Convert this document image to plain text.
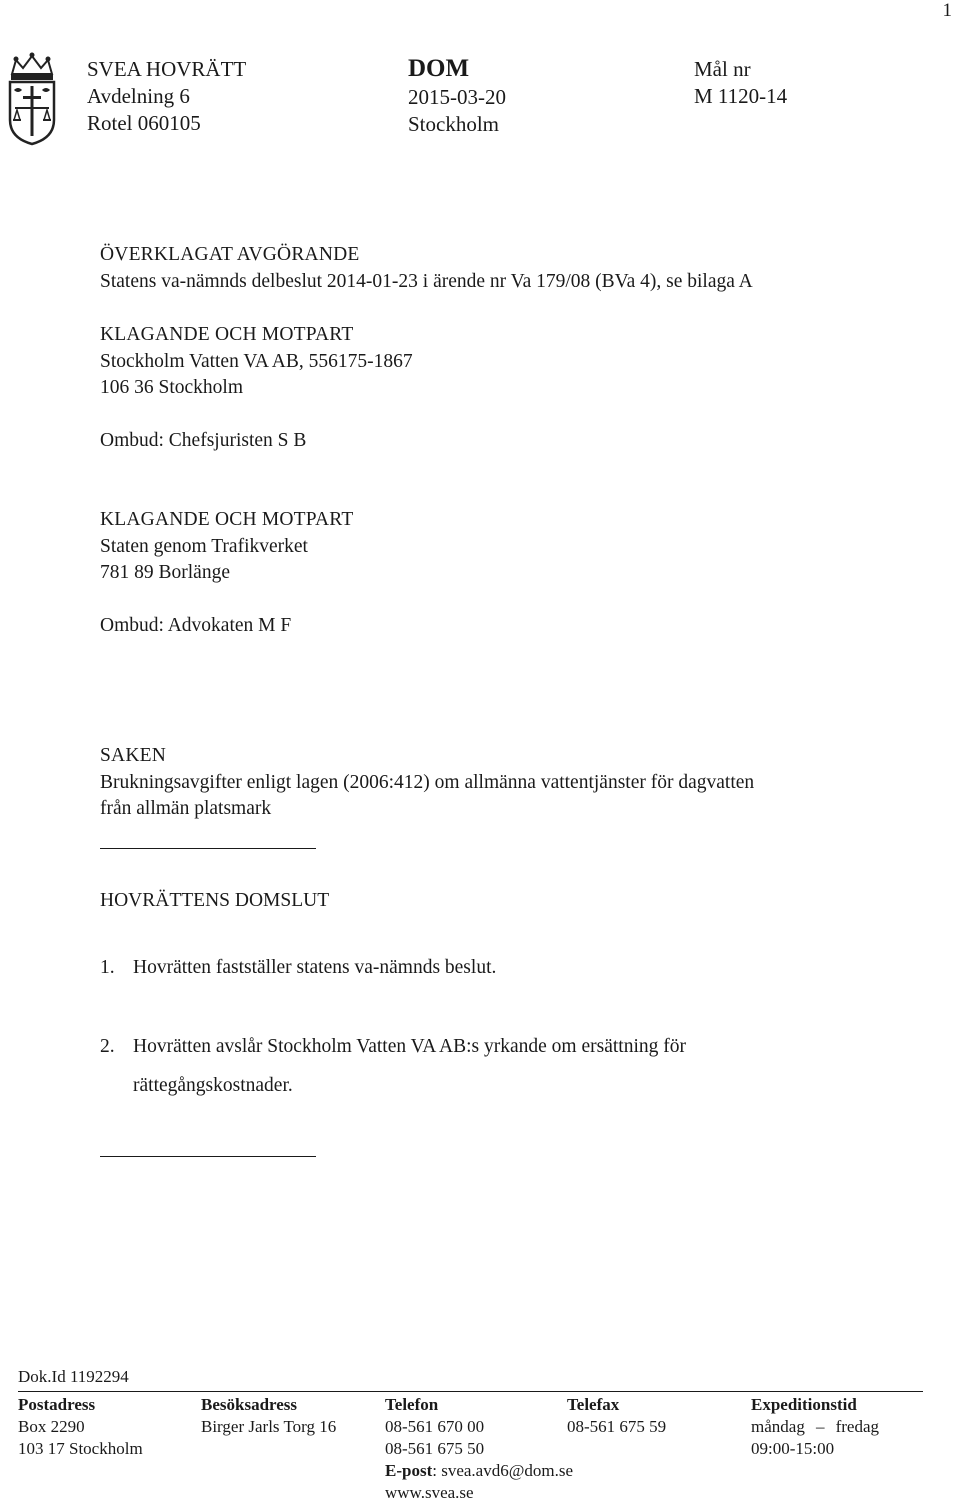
1
SVEA HOVRÄTT
Avdelning 6
Rotel 060105
DOM
2015-03-20
Stockholm
Mål nr
M 1120-14
ÖVERKLAGAT AVGÖRANDE
Statens va-nämnds delbeslut 2014-01-23 i ärende nr Va 179/08 (BVa 4), se bilaga A
KLAGANDE OCH MOTPART
Stockholm Vatten VA AB, 556175-1867
106 36 Stockholm
Ombud: Chefsjuristen S B
KLAGANDE OCH MOTPART
Staten genom Trafikverket
781 89 Borlänge
Ombud: Advokaten M F
SAKEN
Brukningsavgifter enligt lagen (2006:412) om allmänna vattentjänster för dagvatten
från allmän platsmark
HOVRÄTTENS DOMSLUT
1. Hovrätten fastställer statens va-nämnds beslut.
2. Hovrätten avslår Stockholm Vatten VA AB:s yrkande om ersättning för
rättegångskostnader.
Dok.Id 1192294
Postadress
Box 2290
103 17 Stockholm
Besöksadress
Birger Jarls Torg 16
Telefon
08-561 670 00
08-561 675 50
E-post: svea.avd6@dom.se
www.svea.se
Telefax
08-561 675 59
Expeditionstid
måndag – fredag
09:00-15:00
